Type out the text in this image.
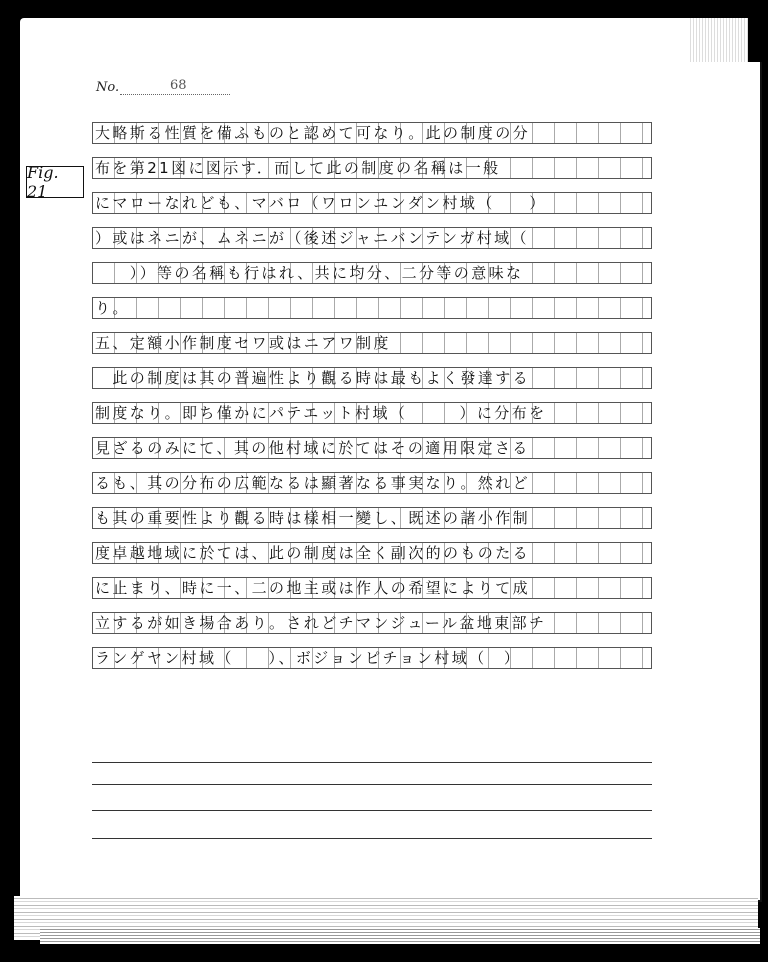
No.	68
Fig. 21
大略斯る性質を備ふものと認めて可なり。此の制度の分
布を第21図に図示す．而して此の制度の名稱は一般
にマローなれども、マバロ（ワロンユンダン村域（　　）
）或はネニが、ムネニが（後述ジャニバンテンガ村域（
　　））等の名稱も行はれ、共に均分、二分等の意味な
り。
五、定額小作制度セワ或はニアワ制度
　此の制度は其の普遍性より觀る時は最もよく發達する
制度なり。即ち僅かにパテエット村域（　　　）に分布を
見ざるのみにて、其の他村域に於てはその適用限定さる
るも、其の分布の広範なるは顯著なる事実なり。然れど
も其の重要性より觀る時は樣相一變し、既述の諸小作制
度卓越地域に於ては、此の制度は全く副次的のものたる
に止まり、時に一、二の地主或は作人の希望によりて成
立するが如き場合あり。されどチマンジュール盆地東部チ
ランゲヤン村域（　　）、ボジョンピチョン村域（　）
